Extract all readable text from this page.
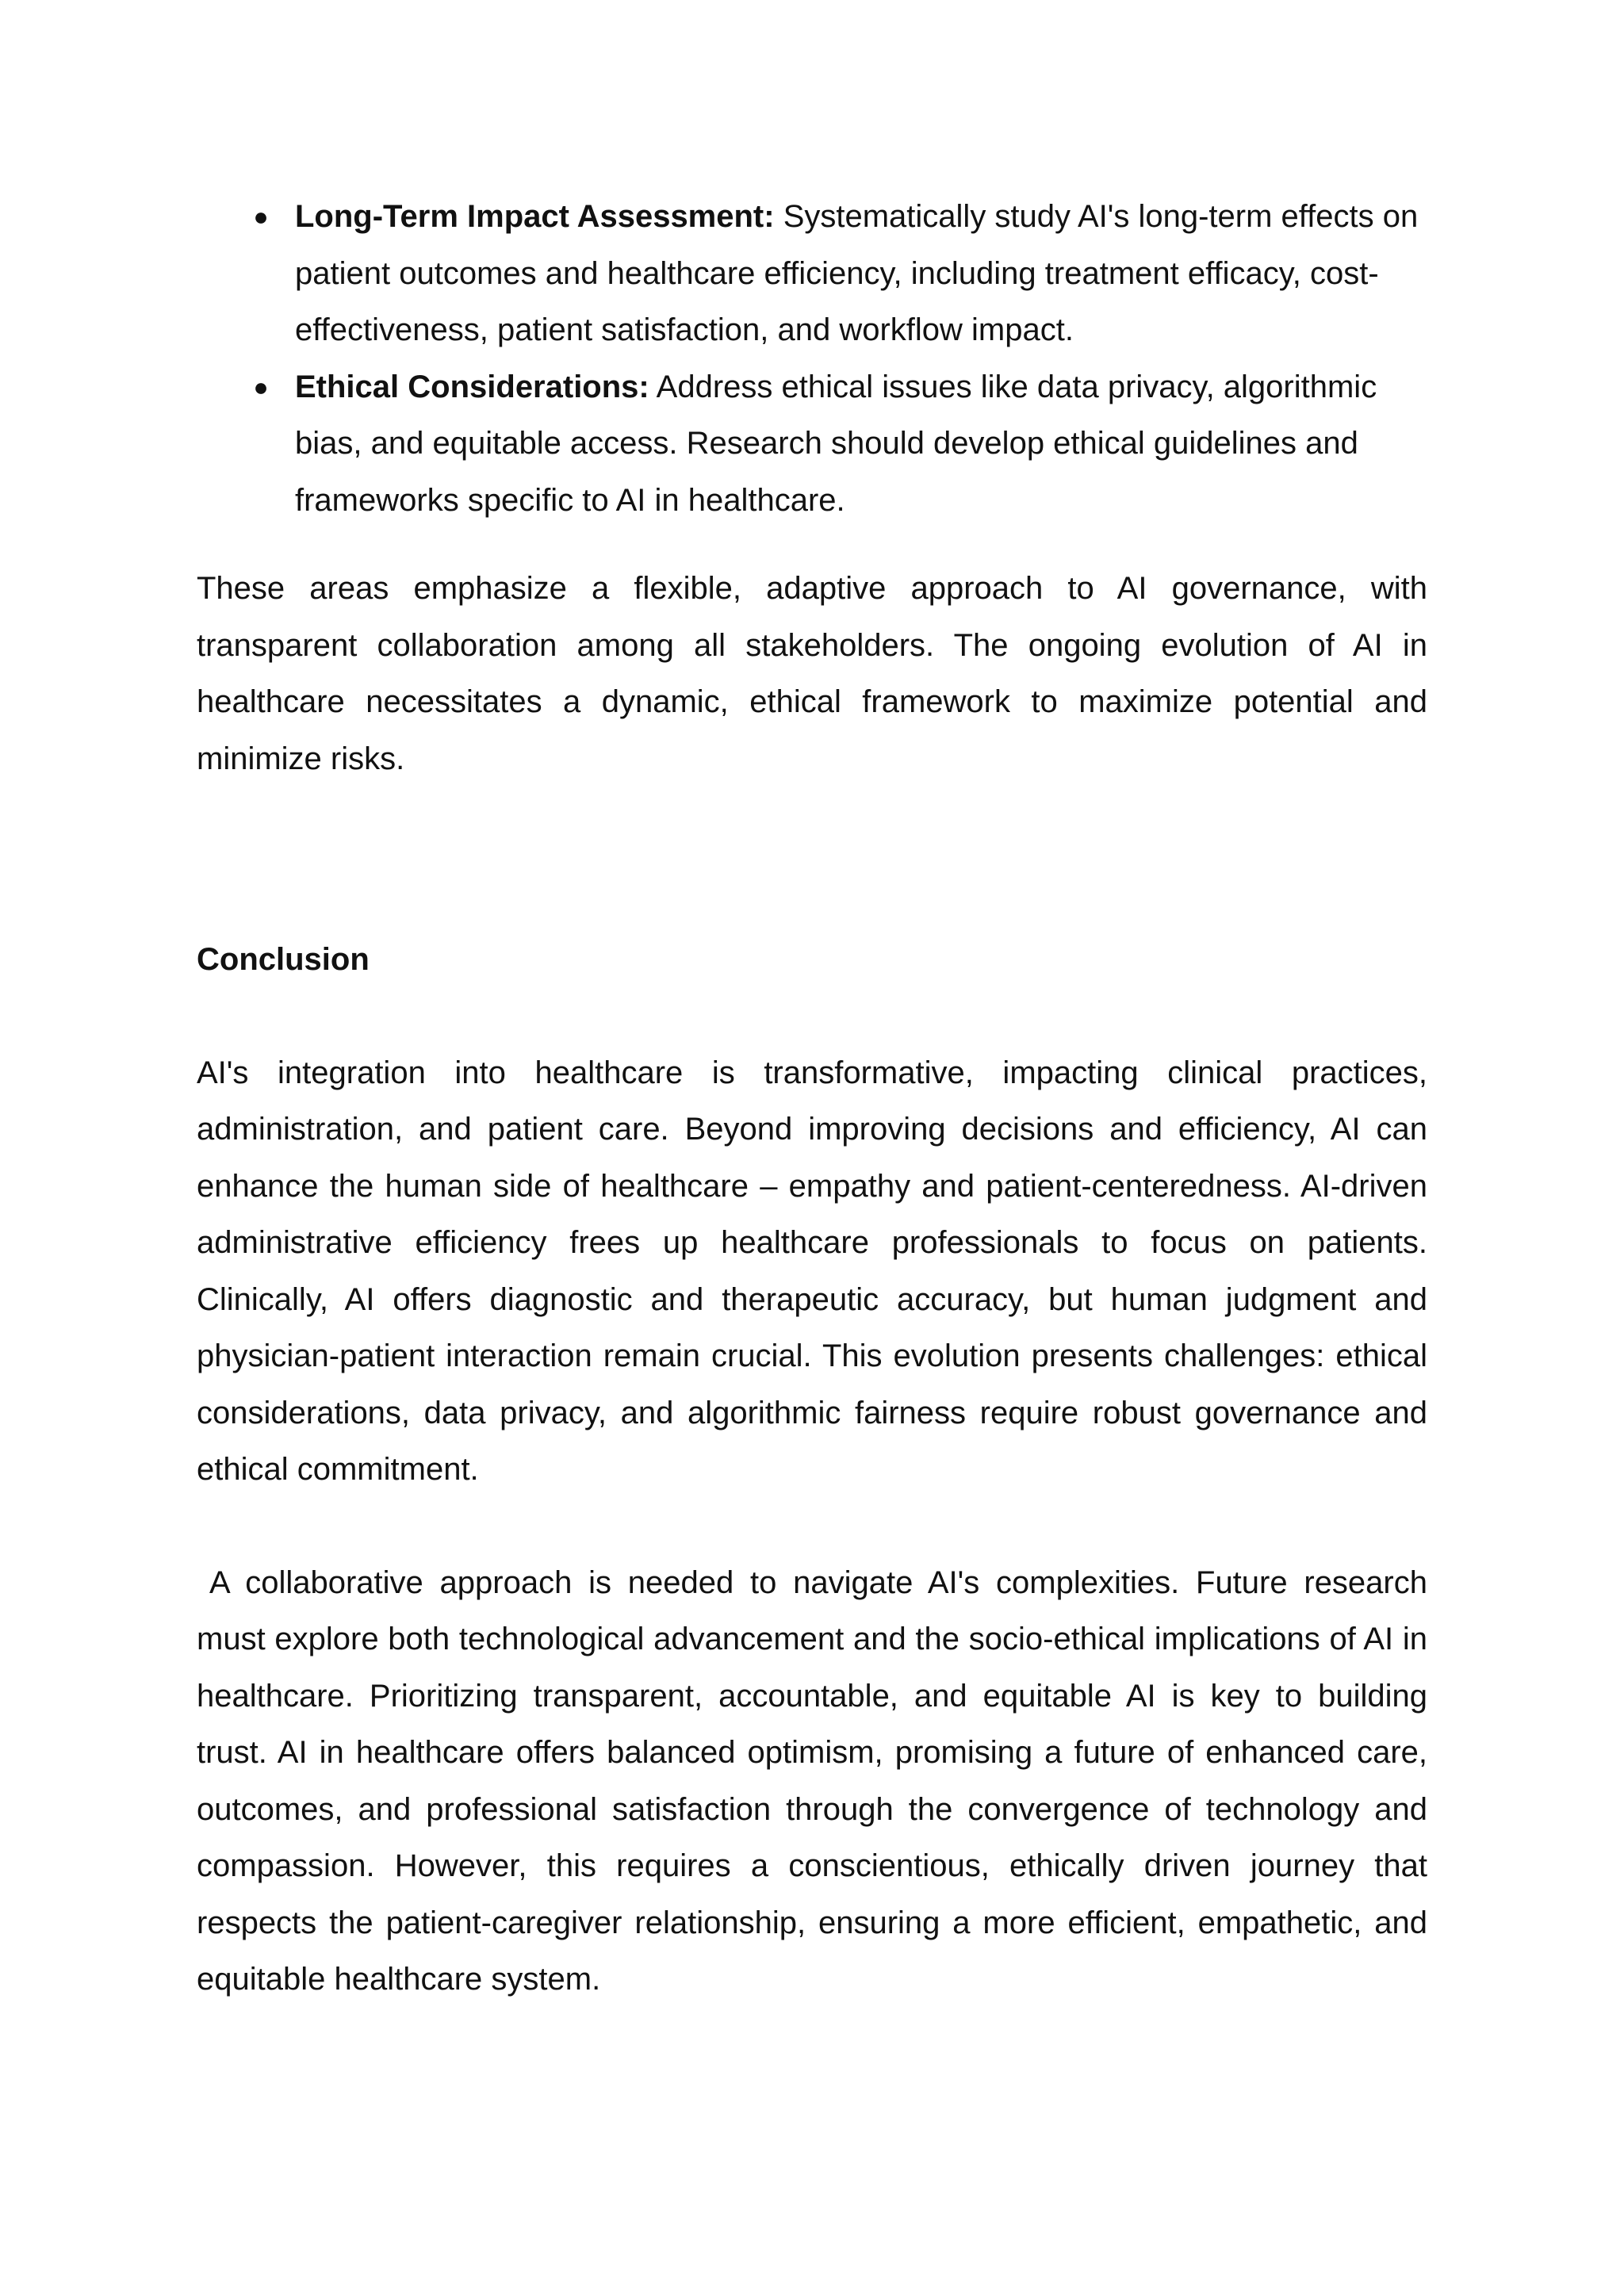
● Long-Term Impact Assessment: Systematically study AI's long-term effects on patient outcomes and healthcare efficiency, including treatment efficacy, cost-effectiveness, patient satisfaction, and workflow impact.
● Ethical Considerations: Address ethical issues like data privacy, algorithmic bias, and equitable access. Research should develop ethical guidelines and frameworks specific to AI in healthcare.

These areas emphasize a flexible, adaptive approach to AI governance, with transparent collaboration among all stakeholders. The ongoing evolution of AI in healthcare necessitates a dynamic, ethical framework to maximize potential and minimize risks.

Conclusion

AI's integration into healthcare is transformative, impacting clinical practices, administration, and patient care. Beyond improving decisions and efficiency, AI can enhance the human side of healthcare – empathy and patient-centeredness. AI-driven administrative efficiency frees up healthcare professionals to focus on patients. Clinically, AI offers diagnostic and therapeutic accuracy, but human judgment and physician-patient interaction remain crucial. This evolution presents challenges: ethical considerations, data privacy, and algorithmic fairness require robust governance and ethical commitment.

A collaborative approach is needed to navigate AI's complexities. Future research must explore both technological advancement and the socio-ethical implications of AI in healthcare. Prioritizing transparent, accountable, and equitable AI is key to building trust. AI in healthcare offers balanced optimism, promising a future of enhanced care, outcomes, and professional satisfaction through the convergence of technology and compassion. However, this requires a conscientious, ethically driven journey that respects the patient-caregiver relationship, ensuring a more efficient, empathetic, and equitable healthcare system.
